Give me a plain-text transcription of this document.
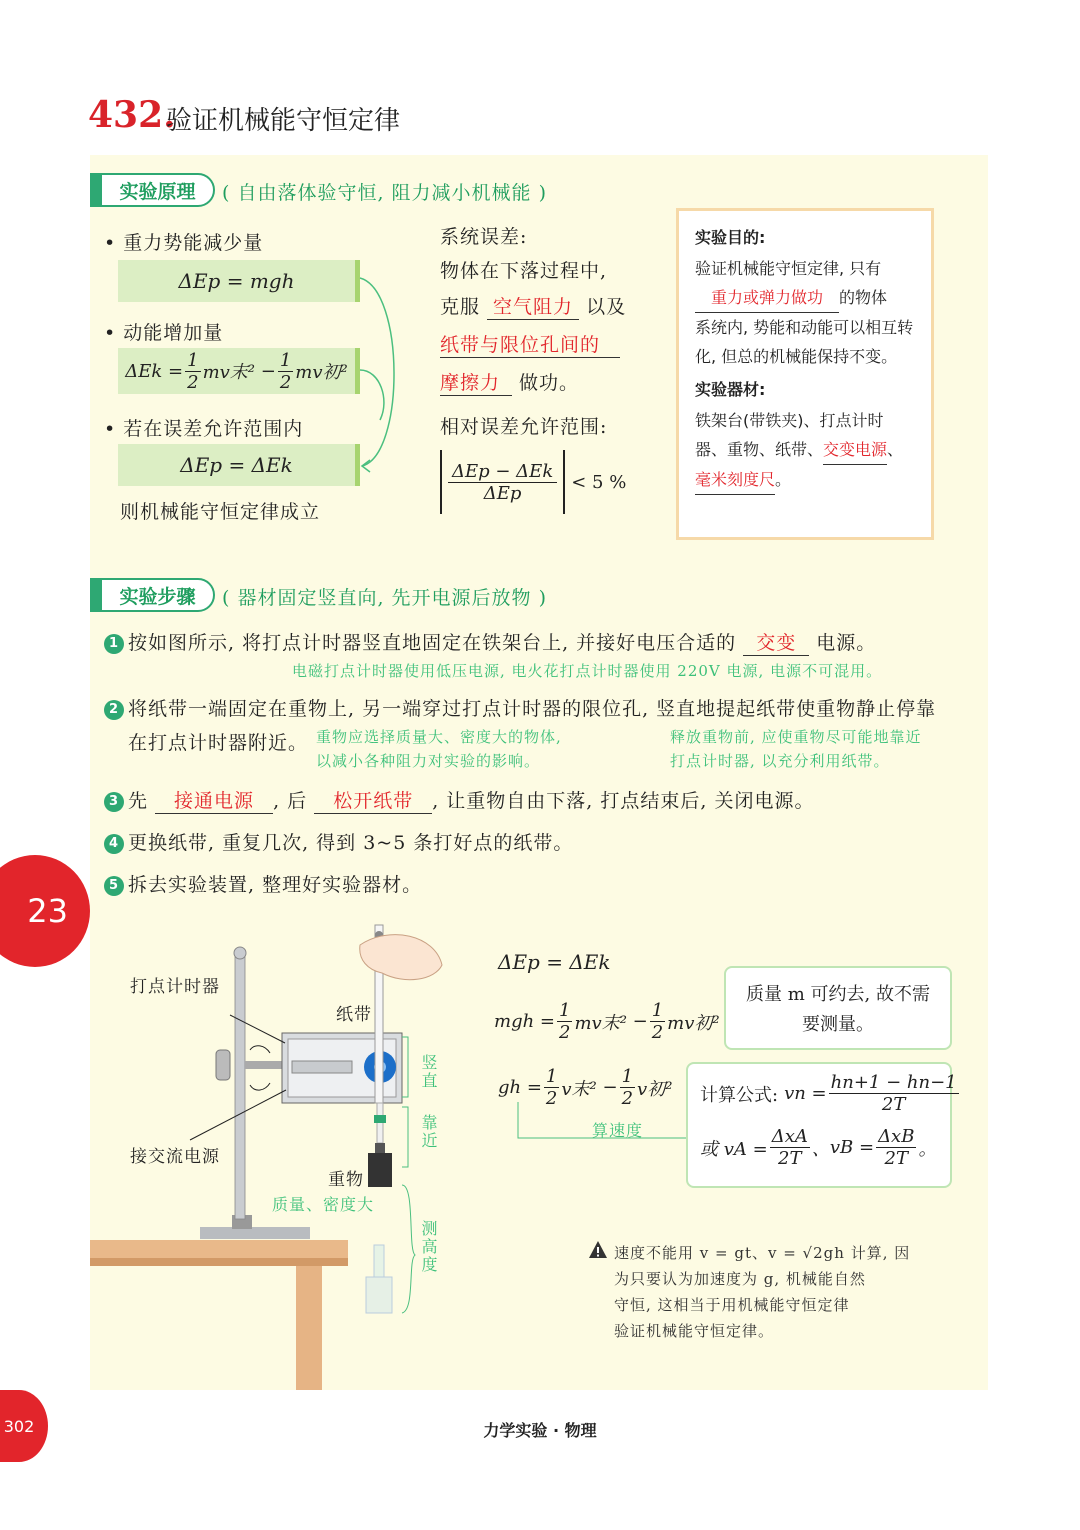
432.
验证机械能守恒定律
23
实验原理	( 自由落体验守恒, 阻力减小机械能 )
• 重力势能减少量
ΔEp = mgh
• 动能增加量
$\Delta Ek = \frac{1}{2}$ mv末$^2 - \frac{1}{2}$ mv初²
• 若在误差允许范围内
ΔEp = ΔEk
则机械能守恒定律成立
系统误差:
物体在下落过程中,
克服 空气阻力 以及
纸带与限位孔间的
摩擦力 做功。
相对误差允许范围:
ΔEp − ΔEk
ΔEp
< 5 %
实验目的:
验证机械能守恒定律, 只有
重力或弹力做功 的物体
系统内, 势能和动能可以相互转化, 但总的机械能保持不变。
实验器材:
铁架台(带铁夹)、打点计时器、重物、纸带、交变电源、毫米刻度尺。
实验步骤	( 器材固定竖直向, 先开电源后放物 )
1 按如图所示, 将打点计时器竖直地固定在铁架台上, 并接好电压合适的 交变 电源。
电磁打点计时器使用低压电源, 电火花打点计时器使用 220V 电源, 电源不可混用。
2 将纸带一端固定在重物上, 另一端穿过打点计时器的限位孔, 竖直地提起纸带使重物静止停靠
在打点计时器附近。 重物应选择质量大、密度大的物体,
以减小各种阻力对实验的影响。
释放重物前, 应使重物尽可能地靠近
打点计时器, 以充分利用纸带。
3 先 接通电源 , 后 松开纸带 , 让重物自由下落, 打点结束后, 关闭电源。
4 更换纸带, 重复几次, 得到 3~5 条打好点的纸带。
5 拆去实验装置, 整理好实验器材。
打点计时器
纸带
接交流电源
重物
质量、密度大
竖直
靠近
测高度
ΔEp = ΔEk
mgh = $\frac{1}{2}$ mv末$^2 - \frac{1}{2}$ mv初²
质量 m 可约去, 故不需要测量。
gh = $\frac{1}{2}$ v末$^2 - \frac{1}{2}$ v初²
算速度
计算公式: vn = $\frac{hn+1 - hn-1}{2T}$
或 vA = $\frac{\text{ΔxA}}{2T}$ 、 vB = $\frac{\text{ΔxB}}{2T}$ 。
速度不能用 v = gt、v = √2gh 计算, 因
为只要认为加速度为 g, 机械能自然
守恒, 这相当于用机械能守恒定律
验证机械能守恒定律。
302	力学实验 · 物理
